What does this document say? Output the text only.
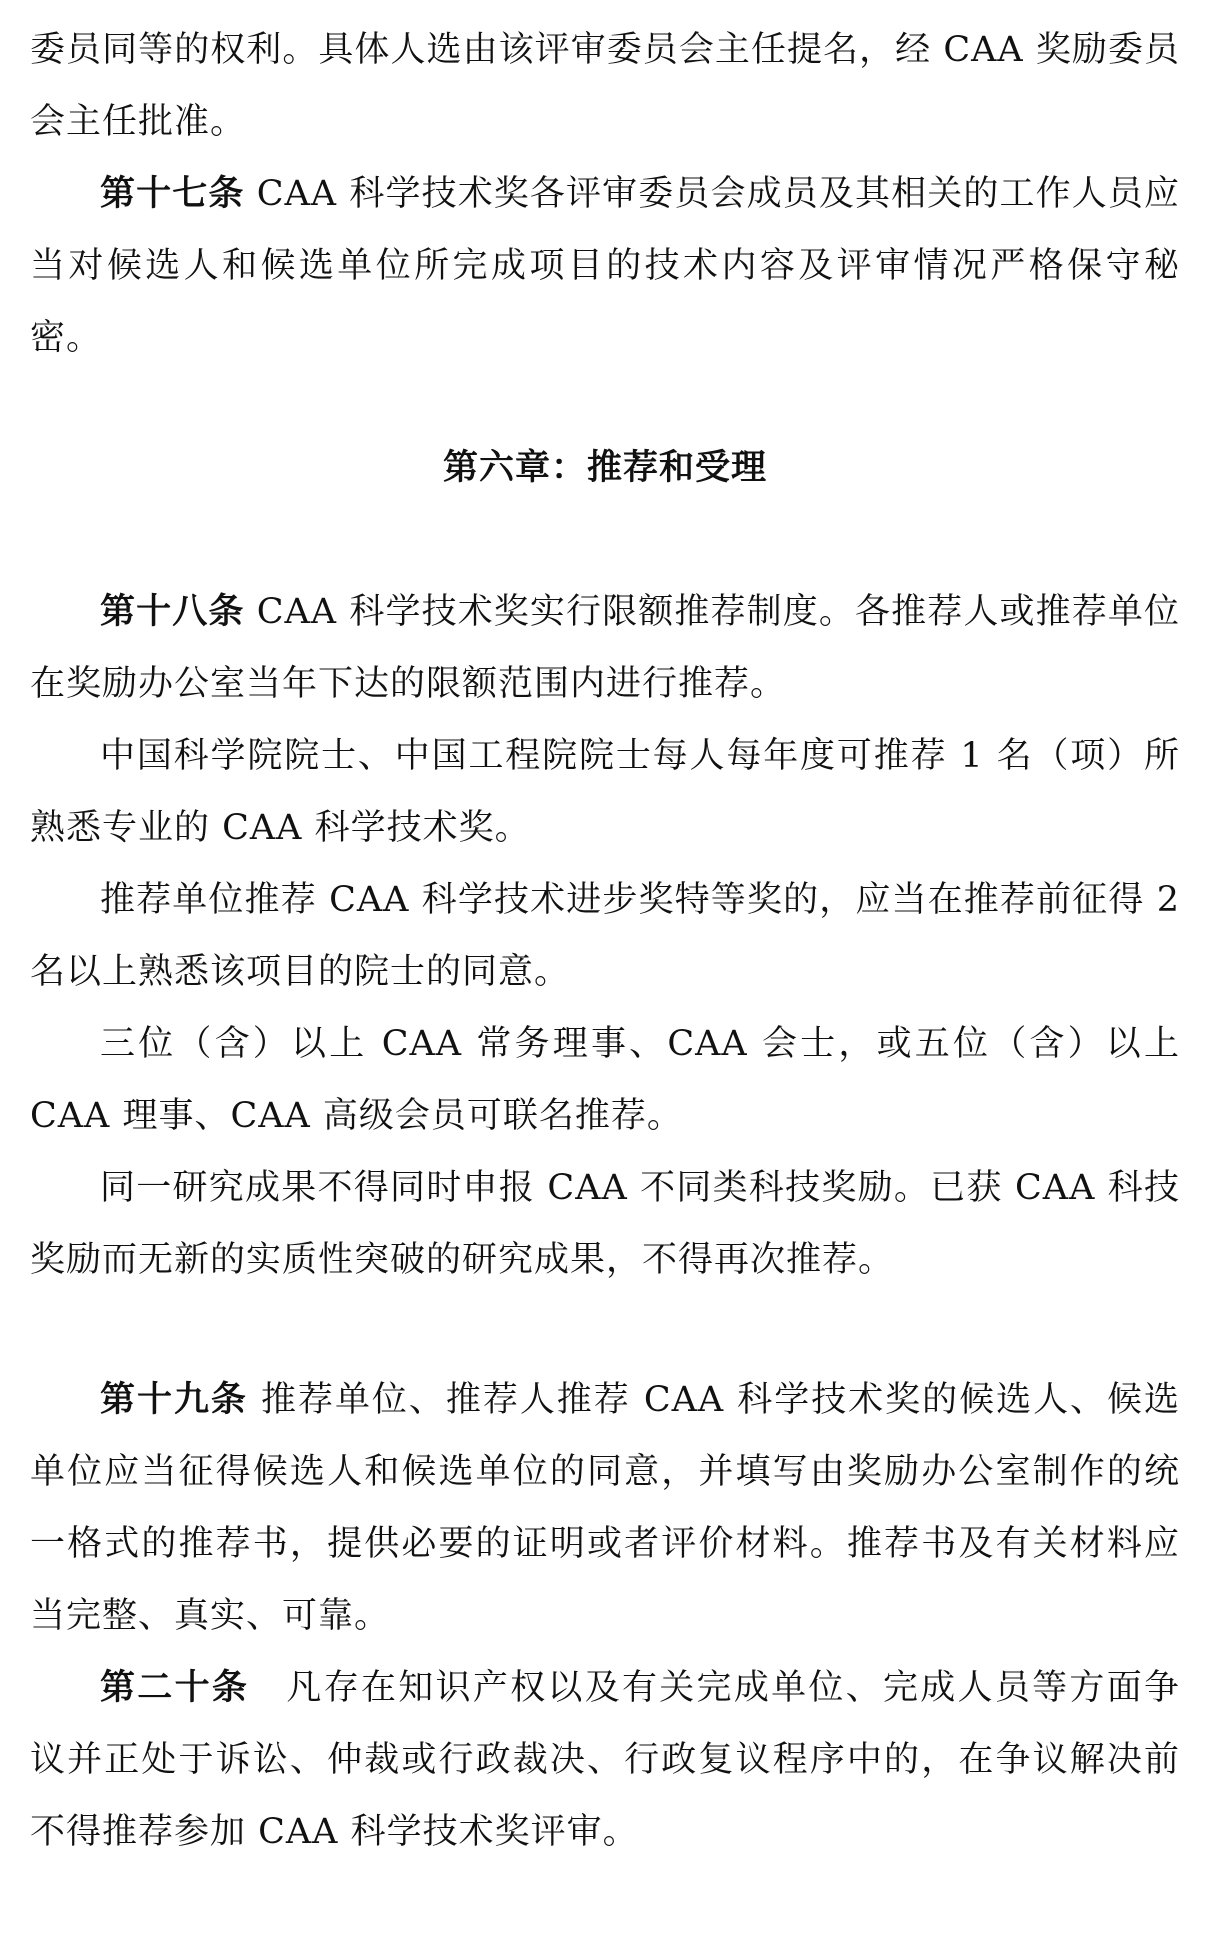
委员同等的权利。具体人选由该评审委员会主任提名，经 CAA 奖励委员会主任批准。

第十七条 CAA 科学技术奖各评审委员会成员及其相关的工作人员应当对候选人和候选单位所完成项目的技术内容及评审情况严格保守秘密。

第六章：推荐和受理

第十八条 CAA 科学技术奖实行限额推荐制度。各推荐人或推荐单位在奖励办公室当年下达的限额范围内进行推荐。

中国科学院院士、中国工程院院士每人每年度可推荐 1 名（项）所熟悉专业的 CAA 科学技术奖。

推荐单位推荐 CAA 科学技术进步奖特等奖的，应当在推荐前征得 2 名以上熟悉该项目的院士的同意。

三位（含）以上 CAA 常务理事、CAA 会士，或五位（含）以上 CAA 理事、CAA 高级会员可联名推荐。

同一研究成果不得同时申报 CAA 不同类科技奖励。已获 CAA 科技奖励而无新的实质性突破的研究成果，不得再次推荐。

第十九条 推荐单位、推荐人推荐 CAA 科学技术奖的候选人、候选单位应当征得候选人和候选单位的同意，并填写由奖励办公室制作的统一格式的推荐书，提供必要的证明或者评价材料。推荐书及有关材料应当完整、真实、可靠。

第二十条　凡存在知识产权以及有关完成单位、完成人员等方面争议并正处于诉讼、仲裁或行政裁决、行政复议程序中的，在争议解决前不得推荐参加 CAA 科学技术奖评审。
